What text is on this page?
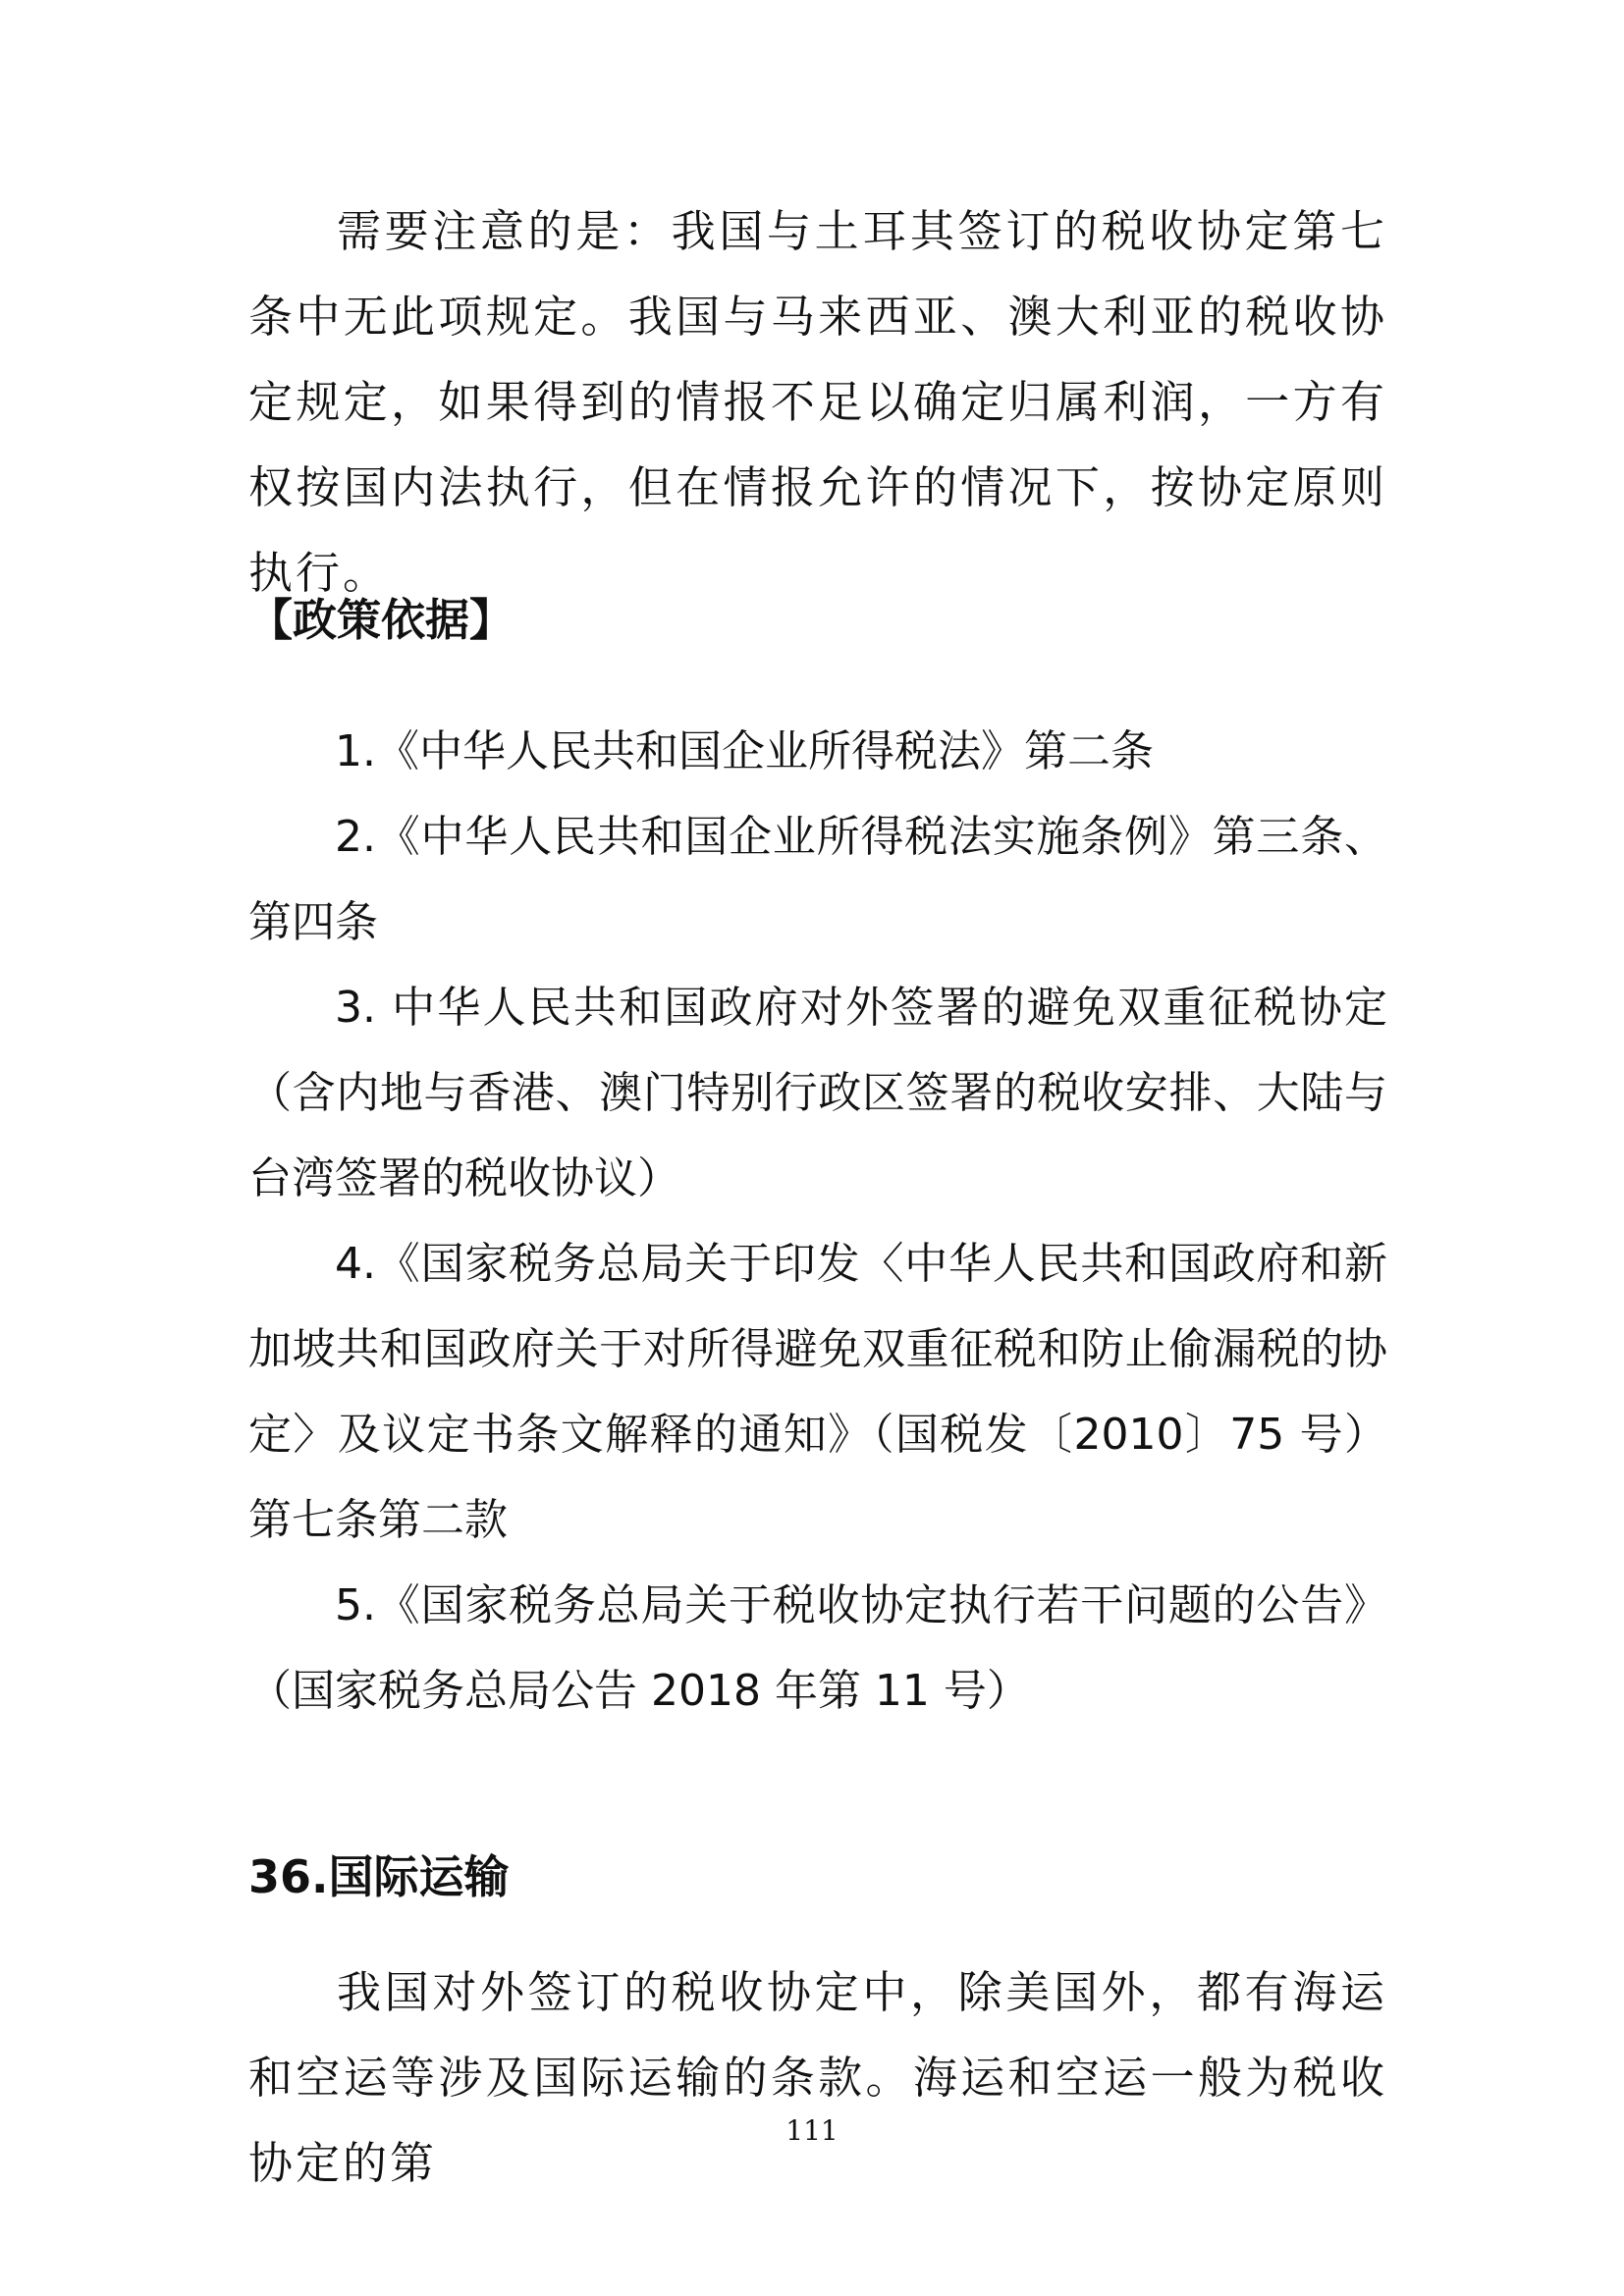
需要注意的是：我国与土耳其签订的税收协定第七条中无此项规定。我国与马来西亚、澳大利亚的税收协定规定，如果得到的情报不足以确定归属利润，一方有权按国内法执行，但在情报允许的情况下，按协定原则执行。

【政策依据】

1.《中华人民共和国企业所得税法》第二条

2.《中华人民共和国企业所得税法实施条例》第三条、第四条

3. 中华人民共和国政府对外签署的避免双重征税协定（含内地与香港、澳门特别行政区签署的税收安排、大陆与台湾签署的税收协议）

4.《国家税务总局关于印发〈中华人民共和国政府和新加坡共和国政府关于对所得避免双重征税和防止偷漏税的协定〉及议定书条文解释的通知》（国税发〔2010〕75 号）第七条第二款

5.《国家税务总局关于税收协定执行若干问题的公告》（国家税务总局公告 2018 年第 11 号）

36.国际运输

我国对外签订的税收协定中，除美国外，都有海运和空运等涉及国际运输的条款。海运和空运一般为税收协定的第

111
